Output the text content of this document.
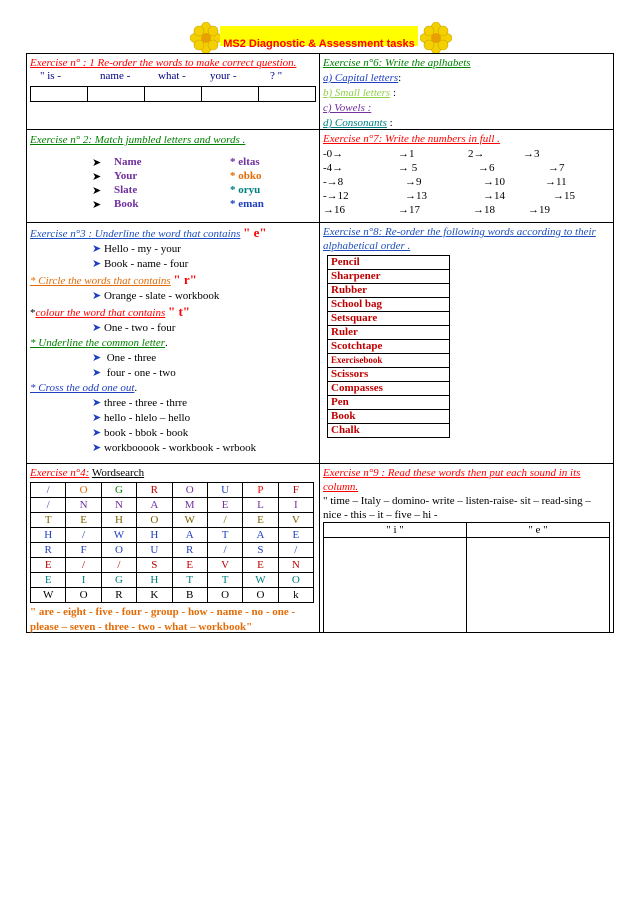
MS2 Diagnostic & Assessment tasks
Exercise n° : 1 Re-order the words to make correct question.
" is -	name -	what - your -	? "

Exercise n°6: Write the aplhabets
a) Capital letters:
b) Small letters :
c) Vowels :
d) Consonants :
Exercise n° 2: Match jumbled letters and words .
➤ Name	* eltas
➤ Your	* obko
➤ Slate	* oryu
➤ Book	* eman
Exercise n°7: Write the numbers in full .
-0→	→1	2→	→3
-4→	→ 5	→6	→7
-→8	→9	→10	→11
-→12	→13	→14	→15
→16	→17	→18	→19
Exercise n°3 : Underline the word that contains " e"
➤ Hello - my - your
➤ Book - name - four
* Circle the words that contains " r"
➤ Orange - slate - workbook
*colour the word that contains " t"
➤ One - two - four
* Underline the common letter.
➤ One - three
➤ four - one - two
* Cross the odd one out.
➤ three - three - thrre
➤ hello - hlelo – hello
➤ book - bbok - book
➤ workbooook - workbook - wrbook
Exercise n°8: Re-order the following words according to their alphabetical order .
Pencil	
Sharpener	
Rubber	
School bag	
Setsquare	
Ruler	
Scotchtape	
Exercisebook	
Scissors	
Compasses	
Pen	
Book	
Chalk	
Exercise n°4: Wordsearch
/	O	G	R	O	U	P	F
/	N	N	A	M	E	L	I
T	E	H	O	W	/	E	V
H	/	W	H	A	T	A	E
R	F	O	U	R	/	S	/
E	/	/	S	E	V	E	N
E	I	G	H	T	T	W	O
W	O	R	K	B	O	O	k
" are - eight - five - four - group - how - name - no - one - please – seven - three - two - what – workbook"
Exercise n°9 : Read these words then put each sound in its column.
" time – Italy – domino- write – listen-raise- sit – read-sing – nice - this – it – five – hi -
" i "	" e "
